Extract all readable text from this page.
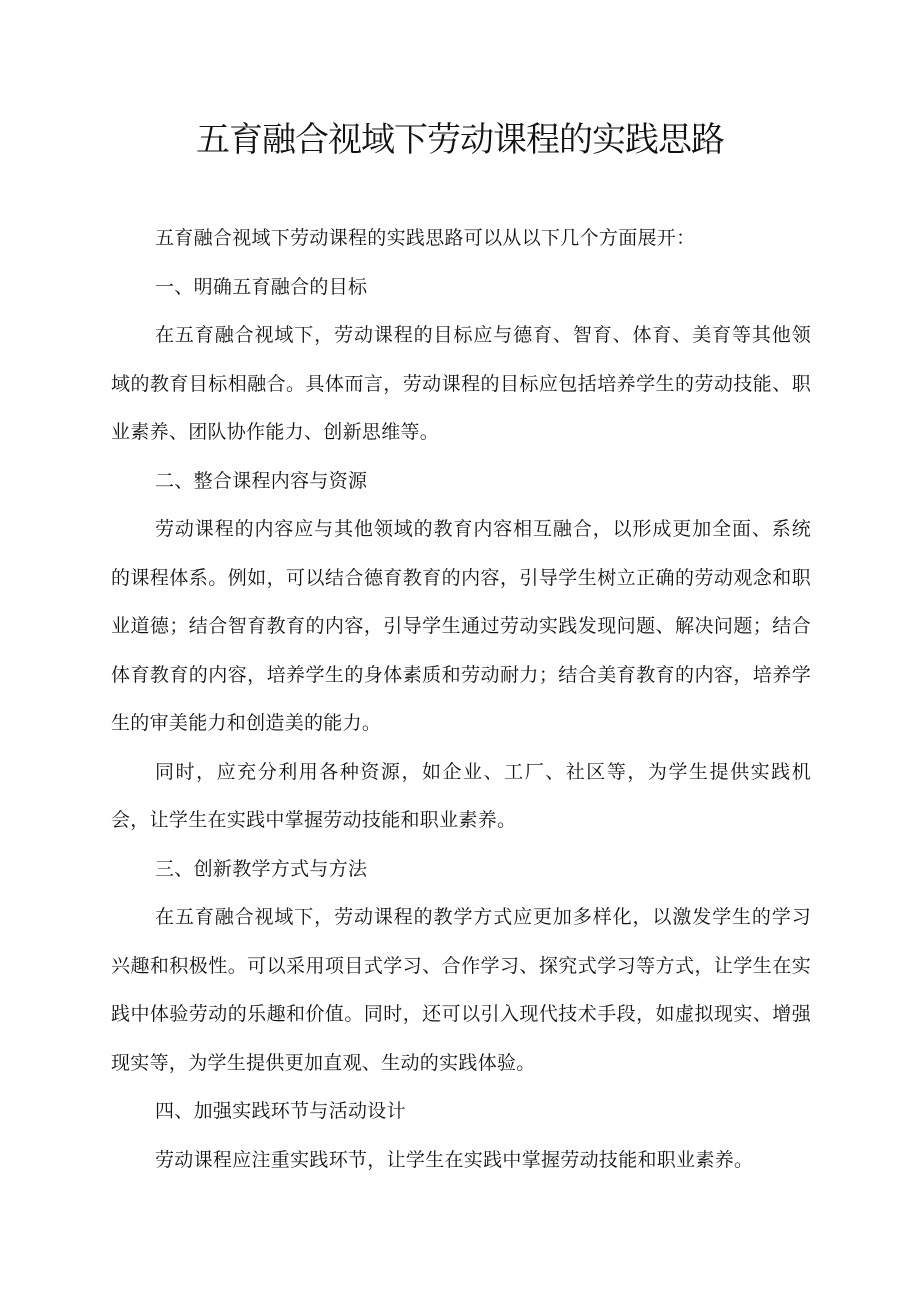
五育融合视域下劳动课程的实践思路

五育融合视域下劳动课程的实践思路可以从以下几个方面展开：

一、明确五育融合的目标

在五育融合视域下，劳动课程的目标应与德育、智育、体育、美育等其他领域的教育目标相融合。具体而言，劳动课程的目标应包括培养学生的劳动技能、职业素养、团队协作能力、创新思维等。

二、整合课程内容与资源

劳动课程的内容应与其他领域的教育内容相互融合，以形成更加全面、系统的课程体系。例如，可以结合德育教育的内容，引导学生树立正确的劳动观念和职业道德；结合智育教育的内容，引导学生通过劳动实践发现问题、解决问题；结合体育教育的内容，培养学生的身体素质和劳动耐力；结合美育教育的内容，培养学生的审美能力和创造美的能力。

同时，应充分利用各种资源，如企业、工厂、社区等，为学生提供实践机会，让学生在实践中掌握劳动技能和职业素养。

三、创新教学方式与方法

在五育融合视域下，劳动课程的教学方式应更加多样化，以激发学生的学习兴趣和积极性。可以采用项目式学习、合作学习、探究式学习等方式，让学生在实践中体验劳动的乐趣和价值。同时，还可以引入现代技术手段，如虚拟现实、增强现实等，为学生提供更加直观、生动的实践体验。

四、加强实践环节与活动设计

劳动课程应注重实践环节，让学生在实践中掌握劳动技能和职业素养。
